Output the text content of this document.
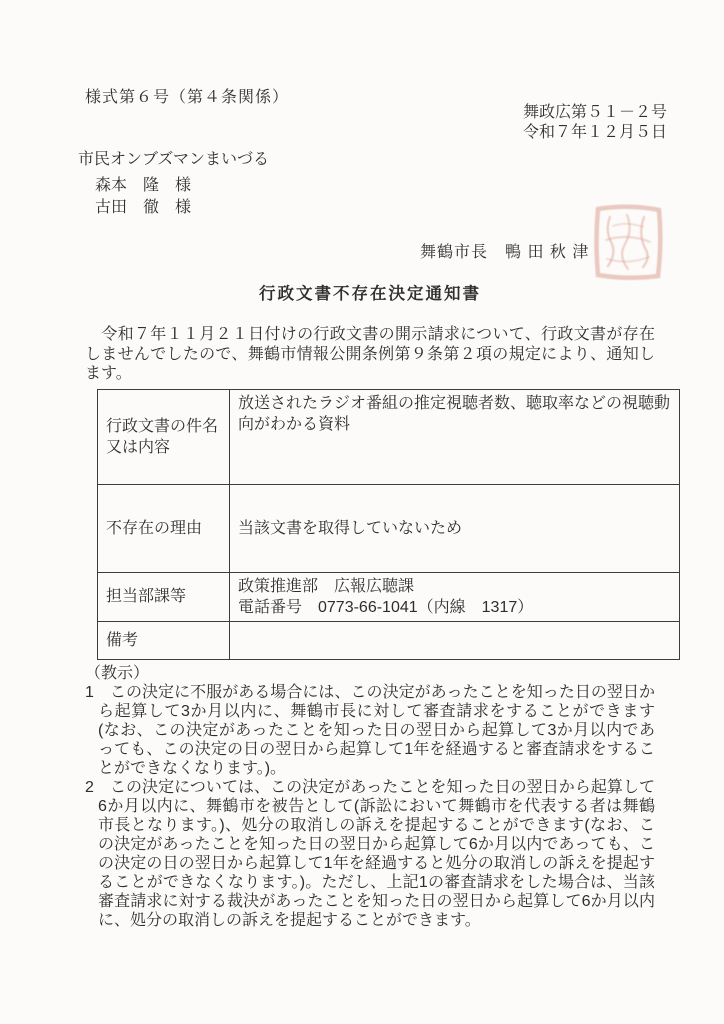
様式第６号（第４条関係）
舞政広第５１－２号
令和７年１２月５日
市民オンブズマンまいづる
森本　隆　様
古田　徹　様
舞鶴市長　鴨 田 秋 津
行政文書不存在決定通知書

　令和７年１１月２１日付けの行政文書の開示請求について、行政文書が存在しませんでしたので、舞鶴市情報公開条例第９条第２項の規定により、通知します。

行政文書の件名又は内容	放送されたラジオ番組の推定視聴者数、聴取率などの視聴動向がわかる資料
不存在の理由	当該文書を取得していないため
担当部課等	政策推進部　広報広聴課
電話番号　0773-66-1041（内線　1317）

備考	

（教示）

1 この決定に不服がある場合には、この決定があったことを知った日の翌日から起算して3か月以内に、舞鶴市長に対して審査請求をすることができます(なお、この決定があったことを知った日の翌日から起算して3か月以内であっても、この決定の日の翌日から起算して1年を経過すると審査請求をすることができなくなります。)。

2 この決定については、この決定があったことを知った日の翌日から起算して6か月以内に、舞鶴市を被告として(訴訟において舞鶴市を代表する者は舞鶴市長となります。)、処分の取消しの訴えを提起することができます(なお、この決定があったことを知った日の翌日から起算して6か月以内であっても、この決定の日の翌日から起算して1年を経過すると処分の取消しの訴えを提起することができなくなります。)。ただし、上記1の審査請求をした場合は、当該審査請求に対する裁決があったことを知った日の翌日から起算して6か月以内に、処分の取消しの訴えを提起することができます。
